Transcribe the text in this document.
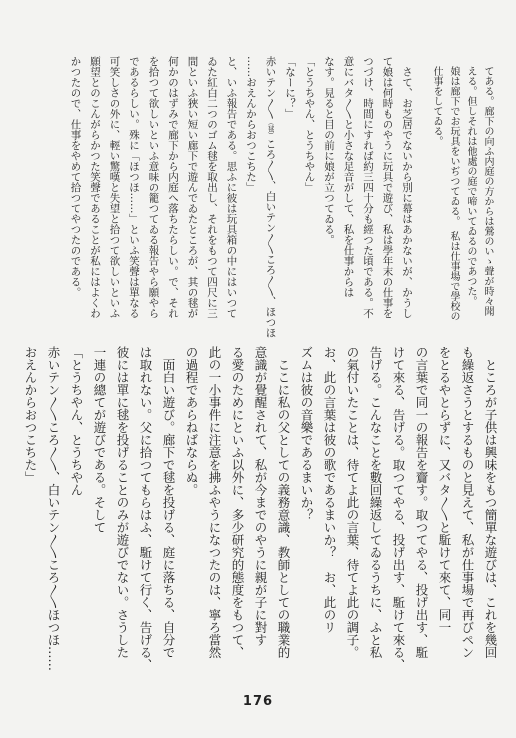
てある。廊下の向ふ内庭の方からは鶯のいゝ聲が時々聞

える。但しそれは他處の庭で啼いてゐるのであつた。

娘は廊下でお玩具をいぢつてゐる。　私は仕事場で學校の

仕事をしてゐる。

　さて、お芝居でないから別に幕はあかないが、かうし

て娘は何時ものやうに玩具で遊び、私は學年末の仕事を

つづけ、時間にすれば約三四十分も經つた頃である。不

意にバタ〳〵と小さな足音がして、私を仕事からは

なす。見ると目の前に娘が立つてゐる。

「とうちやん、とうちやん」

「なーに？」

赤いテン〳〵（毬）ころ〳〵、白いテン〳〵ころ〳〵、ほつほ

……おえんからおつこちた」

と、いふ報告である。思ふに彼は玩具箱の中にはいつて

ゐた紅白二つのゴム毬を取出し、それをもつて四尺に三

間といふ狹い短い廊下で遊んでゐたところが、其の毬が

何かのはずみで廊下から内庭へ落ちたらしい。で、それ

を拾つて欲しいといふ意味の籠つてゐる報告やら願やら

であるらしい。殊に「ほつほ……」といふ笑聲は單なる

可笑しさの外に、輕い驚嘆と失望と拾つて欲しいといふ

願望とのこんがらかつた笑聲であることが私にはよくわ

かつたので、仕事をやめて拾つてやつたのである。

　ところが子供は興味をもつ簡單な遊びは、これを幾回

も繰返さうとするものと見えて、私が仕事場で再びペン

をとるやとらずに、又バタ〳〵と駈けて來て、同一

の言葉で同一の報告を齎す。取つてやる、投げ出す、駈

けて來る、告げる。取つてやる、投げ出す、駈けて來る、

告げる。こんなことを數回繰返してゐるうちに、ふと私

の氣付いたことは、待てよ此の言葉、待てよ此の調子。

お、此の言葉は彼の歌であるまいか？　お、此のリ

ズムは彼の音樂であるまいか？

　ここに私の父としての義務意識、教師としての職業的

意識が覺醒されて、私が今までのやうに親が子に對す

る愛のためにといふ以外に、多少研究的態度をもつて、

此の一小事件に注意を拂ふやうになつたのは、寧ろ當然

の過程であらねばならぬ。

　面白い遊び。廊下で毬を投げる、庭に落ちる、自分で

は取れない。父に拾つてもらはふ、駈けて行く、告げる、

彼には單に毬を投げることのみが遊びでない。さうした

一連の總てが遊びである。そして

「とうちやん、とうちやん

赤いテン〳〵ころ〳〵、白いテン〳〵ころ〳〵ほつほ……

おえんからおつこちた」

176
